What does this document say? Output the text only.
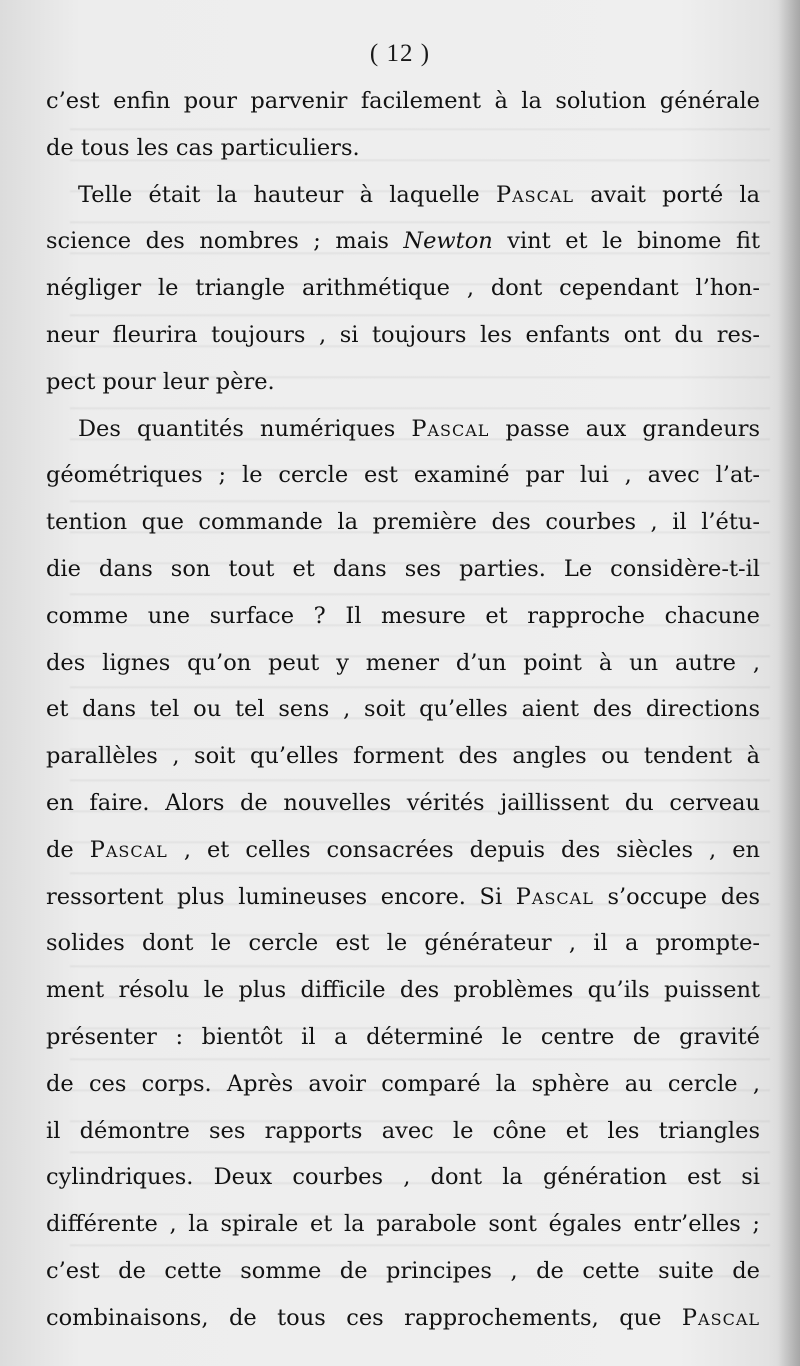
( 12 )
c’est enfin pour parvenir facilement à la solution générale
de tous les cas particuliers.
Telle était la hauteur à laquelle Pascal avait porté la
science des nombres ; mais Newton vint et le binome fit
négliger le triangle arithmétique , dont cependant l’hon-
neur fleurira toujours , si toujours les enfants ont du res-
pect pour leur père.
Des quantités numériques Pascal passe aux grandeurs
géométriques ; le cercle est examiné par lui , avec l’at-
tention que commande la première des courbes , il l’étu-
die dans son tout et dans ses parties. Le considère-t-il
comme une surface ? Il mesure et rapproche chacune
des lignes qu’on peut y mener d’un point à un autre ,
et dans tel ou tel sens , soit qu’elles aient des directions
parallèles , soit qu’elles forment des angles ou tendent à
en faire. Alors de nouvelles vérités jaillissent du cerveau
de Pascal , et celles consacrées depuis des siècles , en
ressortent plus lumineuses encore. Si Pascal s’occupe des
solides dont le cercle est le générateur , il a prompte-
ment résolu le plus difficile des problèmes qu’ils puissent
présenter : bientôt il a déterminé le centre de gravité
de ces corps. Après avoir comparé la sphère au cercle ,
il démontre ses rapports avec le cône et les triangles
cylindriques. Deux courbes , dont la génération est si
différente , la spirale et la parabole sont égales entr’elles ;
c’est de cette somme de principes , de cette suite de
combinaisons, de tous ces rapprochements, que Pascal
